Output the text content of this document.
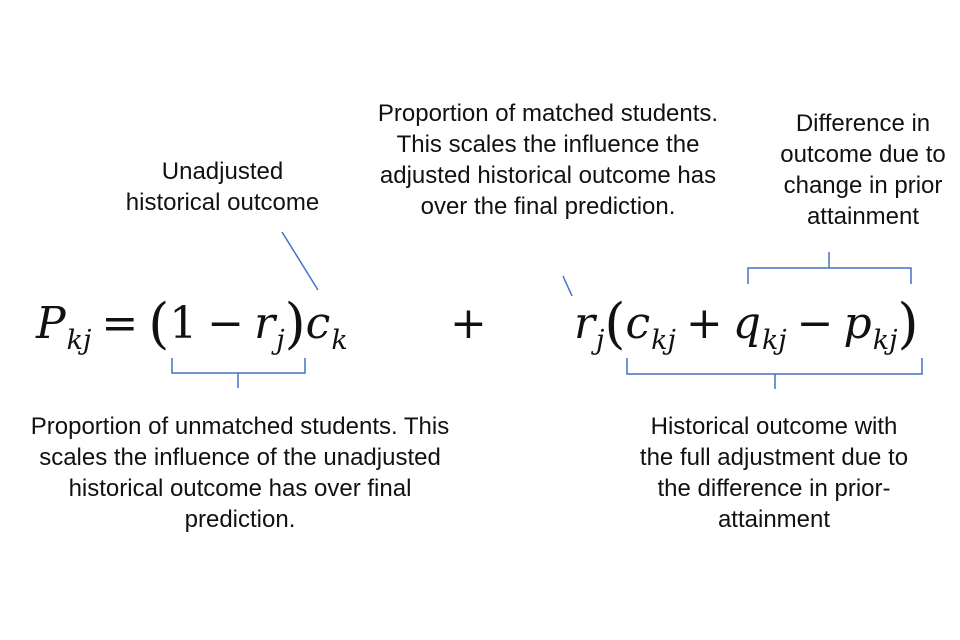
Unadjusted
historical outcome
Proportion of matched students.
This scales the influence the
adjusted historical outcome has
over the final prediction.
Difference in
outcome due to
change in prior
attainment
Proportion of unmatched students. This
scales the influence of the unadjusted
historical outcome has over final
prediction.
Historical outcome with
the full adjustment due to
the difference in prior-
attainment
$P_{kj} = (1 - r_j)c_k + r_j(c_{kj} + q_{kj} - p_{kj})$
